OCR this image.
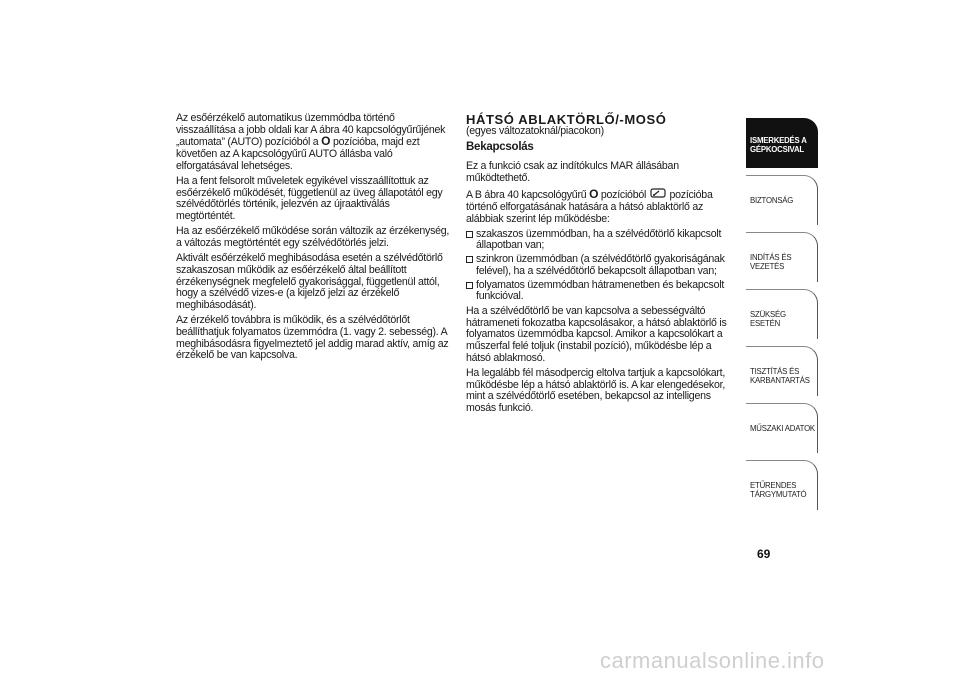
Az esőérzékelő automatikus üzemmódba történő visszaállítása a jobb oldali kar A ábra 40 kapcsológyűrűjének „automata” (AUTO) pozícióból a O pozícióba, majd ezt követően az A kapcsológyűrű AUTO állásba való elforgatásával lehetséges.

Ha a fent felsorolt műveletek egyikével visszaállítottuk az esőérzékelő működését, függetlenül az üveg állapotától egy szélvédőtörlés történik, jelezvén az újraaktiválás megtörténtét.

Ha az esőérzékelő működése során változik az érzékenység, a változás megtörténtét egy szélvédőtörlés jelzi.

Aktivált esőérzékelő meghibásodása esetén a szélvédőtörlő szakaszosan működik az esőérzékelő által beállított érzékenységnek megfelelő gyakorisággal, függetlenül attól, hogy a szélvédő vizes-e (a kijelző jelzi az érzékelő meghibásodását).

Az érzékelő továbbra is működik, és a szélvédőtörlőt beállíthatjuk folyamatos üzemmódra (1. vagy 2. sebesség). A meghibásodásra figyelmeztető jel addig marad aktív, amíg az érzékelő be van kapcsolva.

HÁTSÓ ABLAKTÖRLŐ/-MOSÓ

(egyes változatoknál/piacokon)

Bekapcsolás

Ez a funkció csak az indítókulcs MAR állásában működtethető.

A B ábra 40 kapcsológyűrű O pozícióból pozícióba történő elforgatásának hatására a hátsó ablaktörlő az alábbiak szerint lép működésbe:

szakaszos üzemmódban, ha a szélvédőtörlő kikapcsolt állapotban van;
szinkron üzemmódban (a szélvédőtörlő gyakoriságának felével), ha a szélvédőtörlő bekapcsolt állapotban van;
folyamatos üzemmódban hátramenetben és bekapcsolt funkcióval.

Ha a szélvédőtörlő be van kapcsolva a sebességváltó hátrameneti fokozatba kapcsolásakor, a hátsó ablaktörlő is folyamatos üzemmódba kapcsol. Amikor a kapcsolókart a műszerfal felé toljuk (instabil pozíció), működésbe lép a hátsó ablakmosó.

Ha legalább fél másodpercig eltolva tartjuk a kapcsolókart, működésbe lép a hátsó ablaktörlő is. A kar elengedésekor, mint a szélvédőtörlő esetében, bekapcsol az intelligens mosás funkció.

ISMERKEDÉS A
GÉPKOCSIVAL
BIZTONSÁG
INDÍTÁS ÉS VEZETÉS
SZÜKSÉG ESETÉN
TISZTÍTÁS ÉS
KARBANTARTÁS
MŰSZAKI ADATOK
ETŰRENDES
TÁRGYMUTATÓ
69
carmanualsonline.info
